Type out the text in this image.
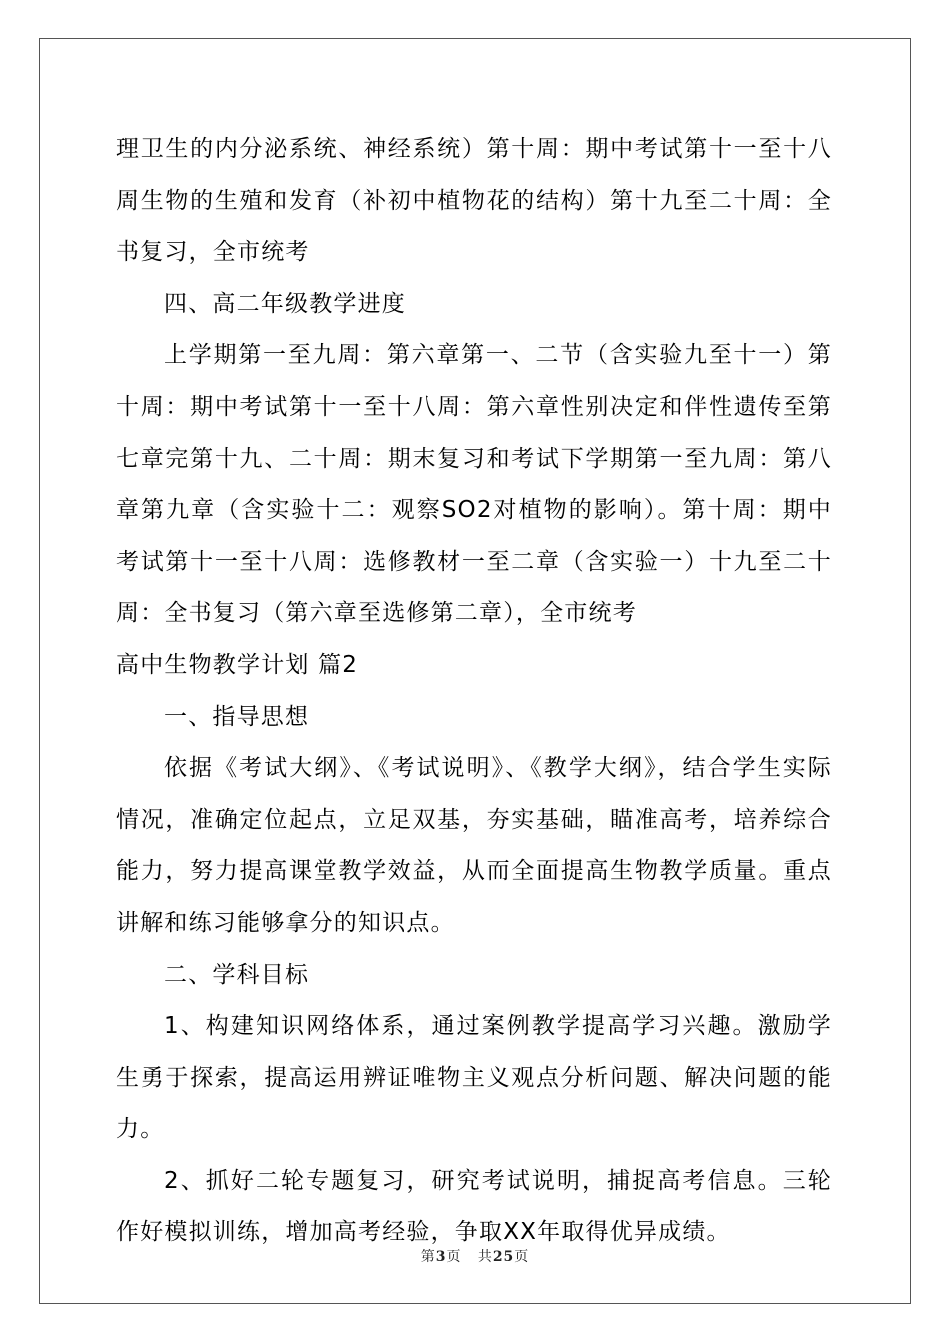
理卫生的内分泌系统、神经系统）第十周：期中考试第十一至十八周生物的生殖和发育（补初中植物花的结构）第十九至二十周：全书复习，全市统考

四、高二年级教学进度

上学期第一至九周：第六章第一、二节（含实验九至十一）第十周：期中考试第十一至十八周：第六章性别决定和伴性遗传至第七章完第十九、二十周：期末复习和考试下学期第一至九周：第八章第九章（含实验十二：观察SO2对植物的影响）。第十周：期中考试第十一至十八周：选修教材一至二章（含实验一）十九至二十周：全书复习（第六章至选修第二章），全市统考

高中生物教学计划 篇2

一、指导思想

依据《考试大纲》、《考试说明》、《教学大纲》，结合学生实际情况，准确定位起点，立足双基，夯实基础，瞄准高考，培养综合能力，努力提高课堂教学效益，从而全面提高生物教学质量。重点讲解和练习能够拿分的知识点。

二、学科目标

1、构建知识网络体系，通过案例教学提高学习兴趣。激励学生勇于探索，提高运用辨证唯物主义观点分析问题、解决问题的能力。

2、抓好二轮专题复习，研究考试说明，捕捉高考信息。三轮作好模拟训练，增加高考经验，争取XX年取得优异成绩。

第3页 共25页
